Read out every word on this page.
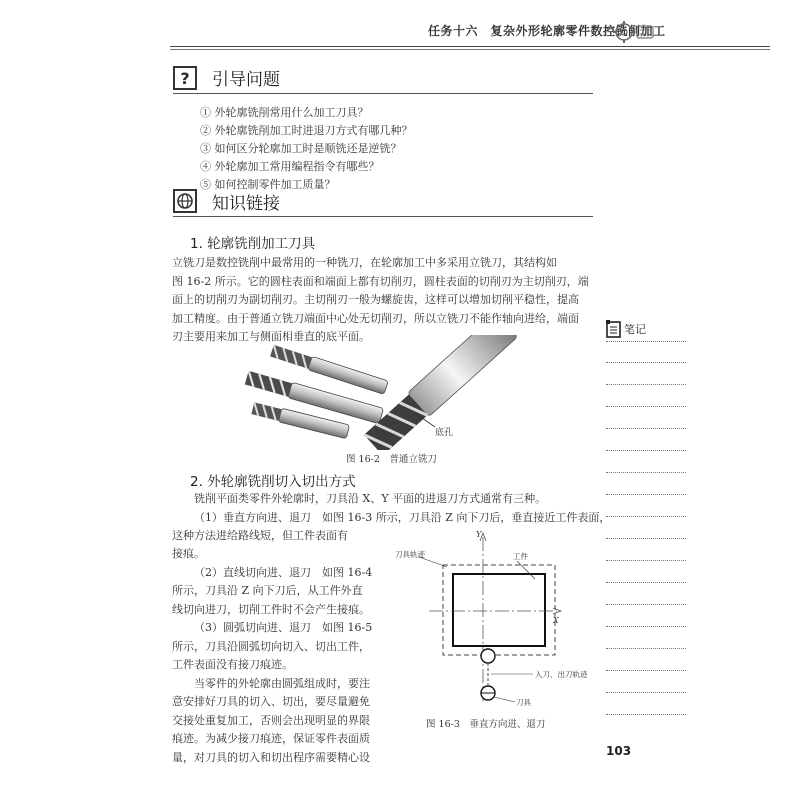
任务十六　复杂外形轮廓零件数控铣削加工
? 引导问题
① 外轮廓铣削常用什么加工刀具？
② 外轮廓铣削加工时进退刀方式有哪几种？
③ 如何区分轮廓加工时是顺铣还是逆铣？
④ 外轮廓加工常用编程指令有哪些？
⑤ 如何控制零件加工质量？
知识链接
1. 轮廓铣削加工刀具
立铣刀是数控铣削中最常用的一种铣刀，在轮廓加工中多采用立铣刀，其结构如
图 16-2 所示。它的圆柱表面和端面上都有切削刃，圆柱表面的切削刃为主切削刃，端
面上的切削刃为副切削刃。主切削刃一般为螺旋齿，这样可以增加切削平稳性，提高
加工精度。由于普通立铣刀端面中心处无切削刃，所以立铣刀不能作轴向进给，端面
刃主要用来加工与侧面相垂直的底平面。
底孔
图 16-2　普通立铣刀
2. 外轮廓铣削切入切出方式
铣削平面类零件外轮廓时，刀具沿 X、Y 平面的进退刀方式通常有三种。
（1）垂直方向进、退刀　如图 16-3 所示，刀具沿 Z 向下刀后，垂直接近工件表面，
这种方法进给路线短，但工件表面有
接痕。
（2）直线切向进、退刀　如图 16-4
所示，刀具沿 Z 向下刀后，从工件外直
线切向进刀，切削工件时不会产生接痕。
（3）圆弧切向进、退刀　如图 16-5
所示，刀具沿圆弧切向切入、切出工件，
工件表面没有接刀痕迹。
当零件的外轮廓由圆弧组成时，要注
意安排好刀具的切入、切出，要尽量避免
交接处重复加工，否则会出现明显的界限
痕迹。为减少接刀痕迹，保证零件表面质
量，对刀具的切入和切出程序需要精心设
Y
X
刀具轨迹	工件
入刀、出刀轨迹
刀具
图 16-3　垂直方向进、退刀
笔记
103
